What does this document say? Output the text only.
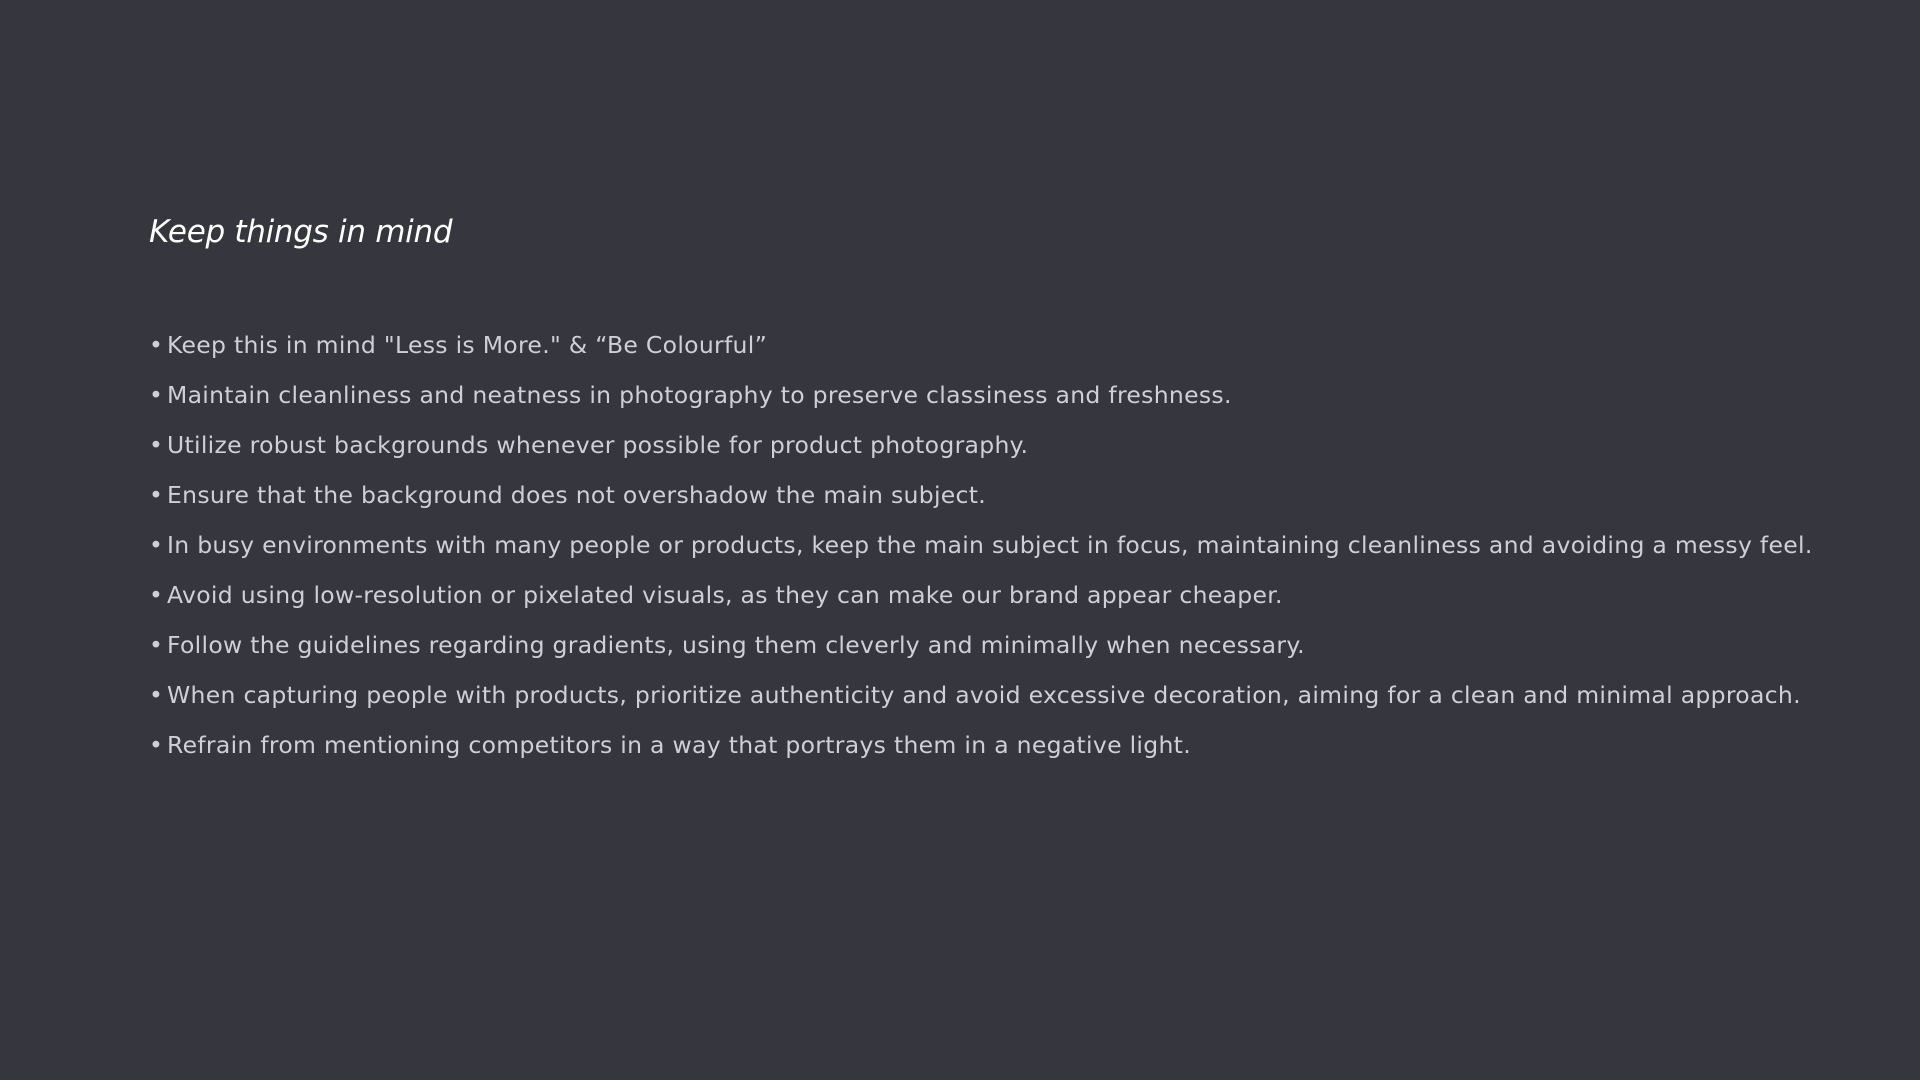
Keep things in mind
• Keep this in mind "Less is More." & “Be Colourful”
• Maintain cleanliness and neatness in photography to preserve classiness and freshness.
• Utilize robust backgrounds whenever possible for product photography.
• Ensure that the background does not overshadow the main subject.
• In busy environments with many people or products, keep the main subject in focus, maintaining cleanliness and avoiding a messy feel.
• Avoid using low-resolution or pixelated visuals, as they can make our brand appear cheaper.
• Follow the guidelines regarding gradients, using them cleverly and minimally when necessary.
• When capturing people with products, prioritize authenticity and avoid excessive decoration, aiming for a clean and minimal approach.
• Refrain from mentioning competitors in a way that portrays them in a negative light.
